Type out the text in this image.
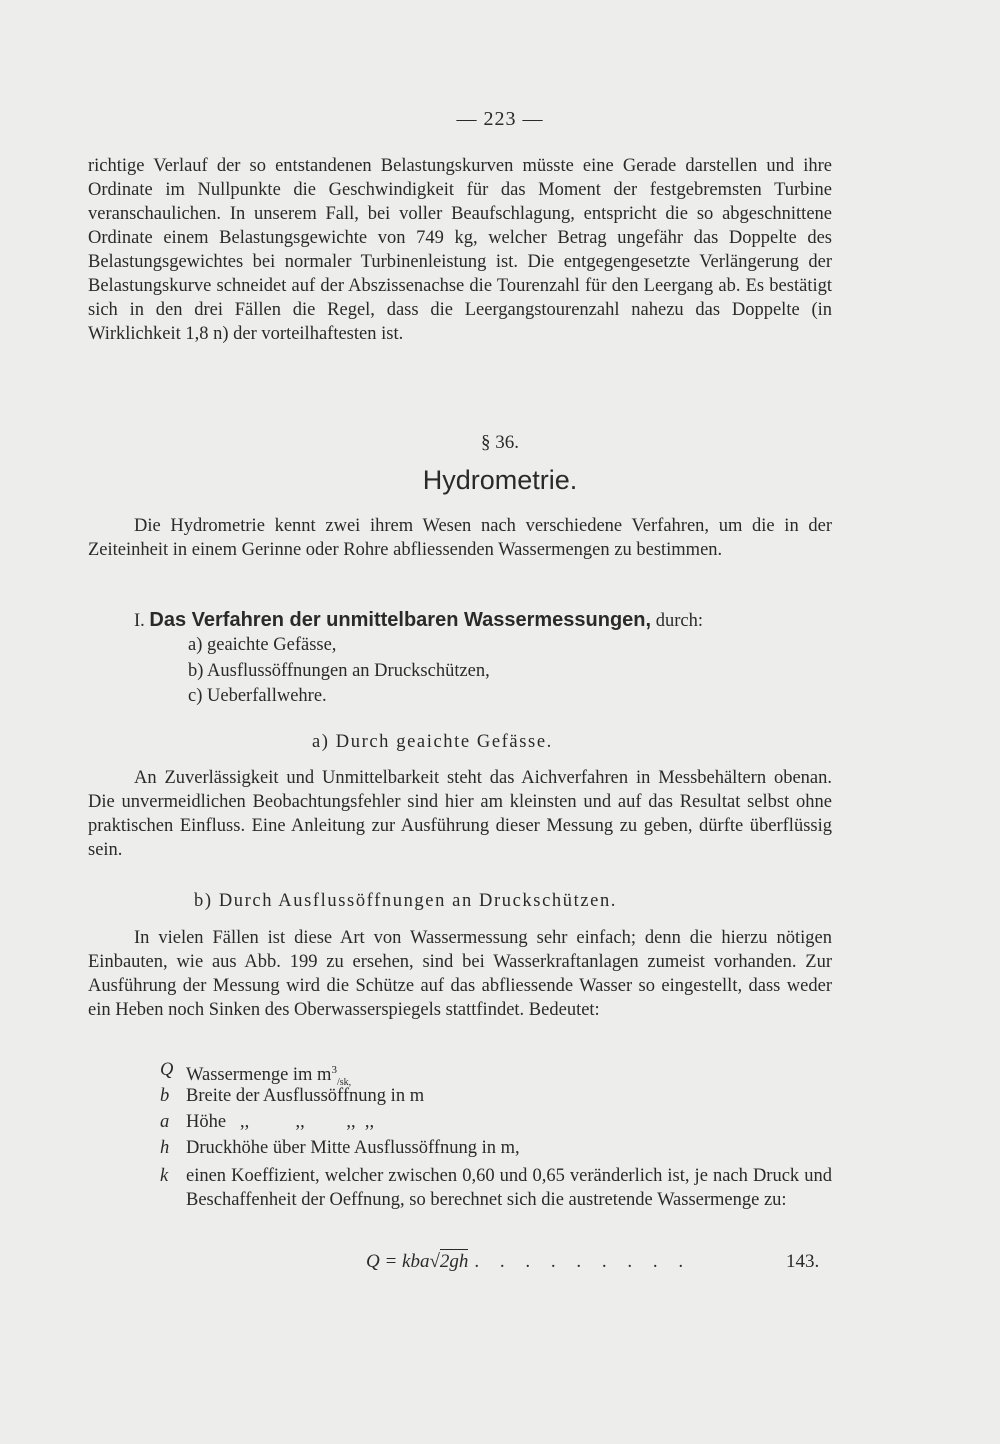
— 223 —

richtige Verlauf der so entstandenen Belastungskurven müsste eine Gerade darstellen und ihre Ordinate im Nullpunkte die Geschwindigkeit für das Moment der festgebremsten Turbine veranschaulichen. In unserem Fall, bei voller Beaufschlagung, entspricht die so abgeschnittene Ordinate einem Belastungsgewichte von 749 kg, welcher Betrag ungefähr das Doppelte des Belastungsgewichtes bei normaler Turbinenleistung ist. Die entgegengesetzte Verlängerung der Belastungskurve schneidet auf der Abszissenachse die Tourenzahl für den Leergang ab. Es bestätigt sich in den drei Fällen die Regel, dass die Leergangstourenzahl nahezu das Doppelte (in Wirklichkeit 1,8 n) der vorteilhaftesten ist.

§ 36.
Hydrometrie.

Die Hydrometrie kennt zwei ihrem Wesen nach verschiedene Verfahren, um die in der Zeiteinheit in einem Gerinne oder Rohre abfliessenden Wassermengen zu bestimmen.

I. Das Verfahren der unmittelbaren Wassermessungen, durch:
a) geaichte Gefässe,
b) Ausflussöffnungen an Druckschützen,
c) Ueberfallwehre.
a) Durch geaichte Gefässe.

An Zuverlässigkeit und Unmittelbarkeit steht das Aichverfahren in Messbehältern obenan. Die unvermeidlichen Beobachtungsfehler sind hier am kleinsten und auf das Resultat selbst ohne praktischen Einfluss. Eine Anleitung zur Ausführung dieser Messung zu geben, dürfte überflüssig sein.

b) Durch Ausflussöffnungen an Druckschützen.

In vielen Fällen ist diese Art von Wassermessung sehr einfach; denn die hierzu nötigen Einbauten, wie aus Abb. 199 zu ersehen, sind bei Wasserkraftanlagen zumeist vorhanden. Zur Ausführung der Messung wird die Schütze auf das abfliessende Wasser so eingestellt, dass weder ein Heben noch Sinken des Oberwasserspiegels stattfindet. Bedeutet:

Q Wassermenge im $m^3_{/sk,}$
b Breite der Ausflussöffnung in m
a Höhe   ,,          ,,         ,,  ,,
h Druckhöhe über Mitte Ausflussöffnung in m,
k einen Koeffizient, welcher zwischen 0,60 und 0,65 veränderlich ist, je nach Druck und Beschaffenheit der Oeffnung, so berechnet sich die austretende Wassermenge zu:
Q = kba√2gh . . . . . . . . .	143.
